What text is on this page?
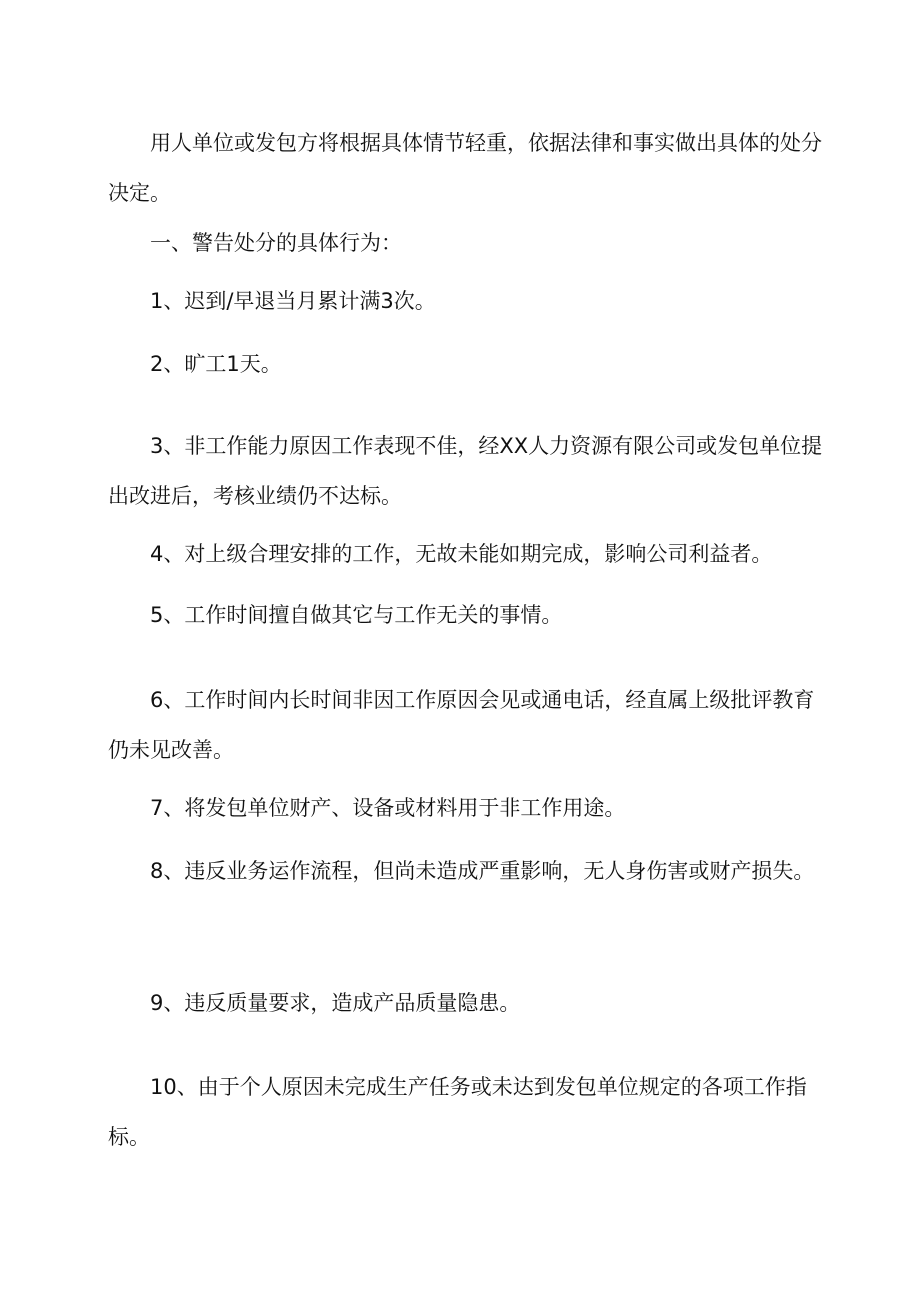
用人单位或发包方将根据具体情节轻重，依据法律和事实做出具体的处分决定。

一、警告处分的具体行为：

1、迟到/早退当月累计满3次。

2、旷工1天。

3、非工作能力原因工作表现不佳，经XX人力资源有限公司或发包单位提出改进后，考核业绩仍不达标。

4、对上级合理安排的工作，无故未能如期完成，影响公司利益者。

5、工作时间擅自做其它与工作无关的事情。

6、工作时间内长时间非因工作原因会见或通电话，经直属上级批评教育仍未见改善。

7、将发包单位财产、设备或材料用于非工作用途。

8、违反业务运作流程，但尚未造成严重影响，无人身伤害或财产损失。

9、违反质量要求，造成产品质量隐患。

10、由于个人原因未完成生产任务或未达到发包单位规定的各项工作指标。
